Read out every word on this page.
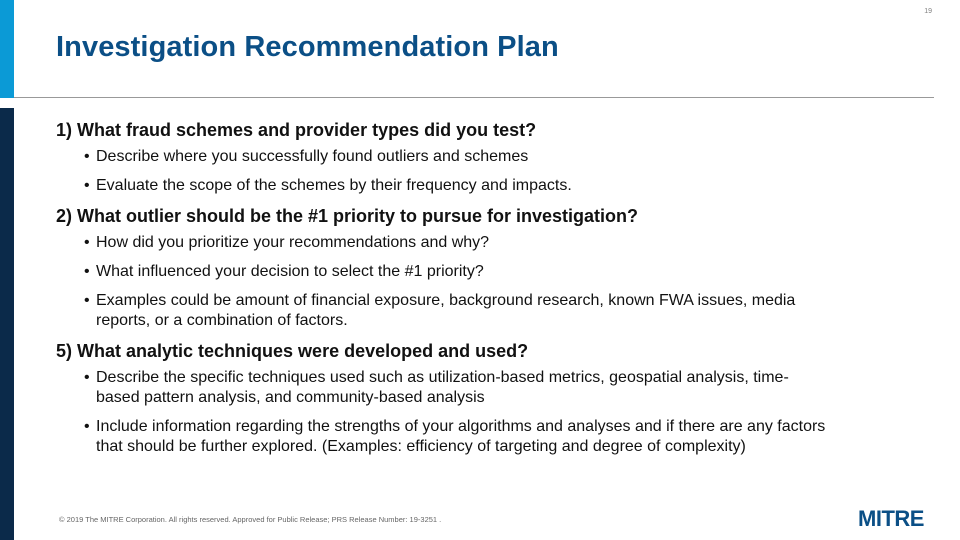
19
Investigation Recommendation Plan
1) What fraud schemes and provider types did you test?
• Describe where you successfully found outliers and schemes
• Evaluate the scope of the schemes by their frequency and impacts.
2) What outlier should be the #1 priority to pursue for investigation?
• How did you prioritize your recommendations and why?
• What influenced your decision to select the #1 priority?
• Examples could be amount of financial exposure, background research, known FWA issues, media reports, or a combination of factors.
5) What analytic techniques were developed and used?
• Describe the specific techniques used such as utilization-based metrics, geospatial analysis, time-based pattern analysis, and community-based analysis
• Include information regarding the strengths of your algorithms and analyses and if there are any factors that should be further explored. (Examples: efficiency of targeting and degree of complexity)
© 2019 The MITRE Corporation. All rights reserved. Approved for Public Release; PRS Release Number: 19-3251 .	MITRE
